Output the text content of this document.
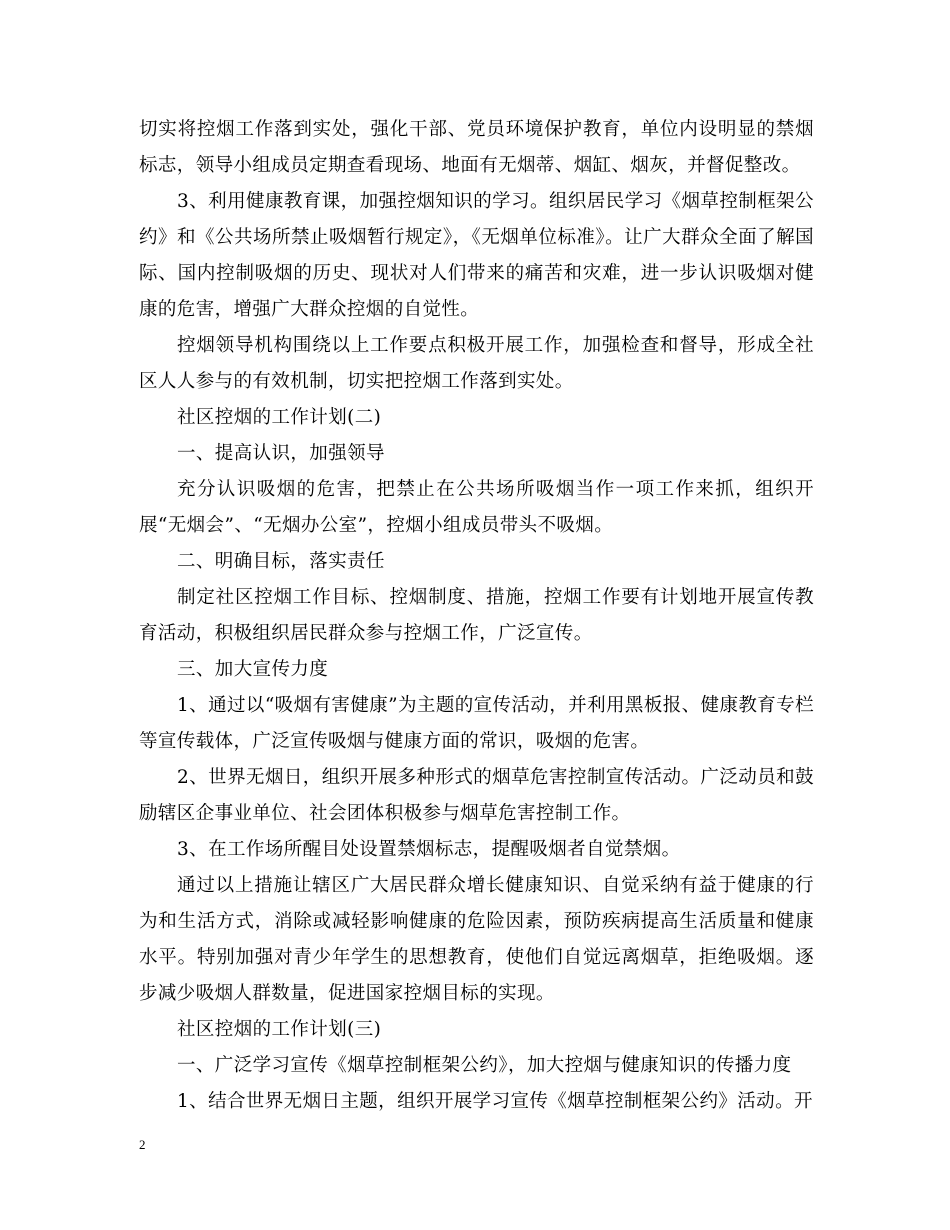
切实将控烟工作落到实处，强化干部、党员环境保护教育，单位内设明显的禁烟标志，领导小组成员定期查看现场、地面有无烟蒂、烟缸、烟灰，并督促整改。

3、利用健康教育课，加强控烟知识的学习。组织居民学习《烟草控制框架公约》和《公共场所禁止吸烟暂行规定》，《无烟单位标准》。让广大群众全面了解国际、国内控制吸烟的历史、现状对人们带来的痛苦和灾难，进一步认识吸烟对健康的危害，增强广大群众控烟的自觉性。

控烟领导机构围绕以上工作要点积极开展工作，加强检查和督导，形成全社区人人参与的有效机制，切实把控烟工作落到实处。

社区控烟的工作计划(二)

一、提高认识，加强领导

充分认识吸烟的危害，把禁止在公共场所吸烟当作一项工作来抓，组织开展“无烟会”、“无烟办公室”，控烟小组成员带头不吸烟。

二、明确目标，落实责任

制定社区控烟工作目标、控烟制度、措施，控烟工作要有计划地开展宣传教育活动，积极组织居民群众参与控烟工作，广泛宣传。

三、加大宣传力度

1、通过以“吸烟有害健康”为主题的宣传活动，并利用黑板报、健康教育专栏等宣传载体，广泛宣传吸烟与健康方面的常识，吸烟的危害。

2、世界无烟日，组织开展多种形式的烟草危害控制宣传活动。广泛动员和鼓励辖区企事业单位、社会团体积极参与烟草危害控制工作。

3、在工作场所醒目处设置禁烟标志，提醒吸烟者自觉禁烟。

通过以上措施让辖区广大居民群众增长健康知识、自觉采纳有益于健康的行为和生活方式，消除或减轻影响健康的危险因素，预防疾病提高生活质量和健康水平。特别加强对青少年学生的思想教育，使他们自觉远离烟草，拒绝吸烟。逐步减少吸烟人群数量，促进国家控烟目标的实现。

社区控烟的工作计划(三)

一、广泛学习宣传《烟草控制框架公约》，加大控烟与健康知识的传播力度

1、结合世界无烟日主题，组织开展学习宣传《烟草控制框架公约》活动。开

2
